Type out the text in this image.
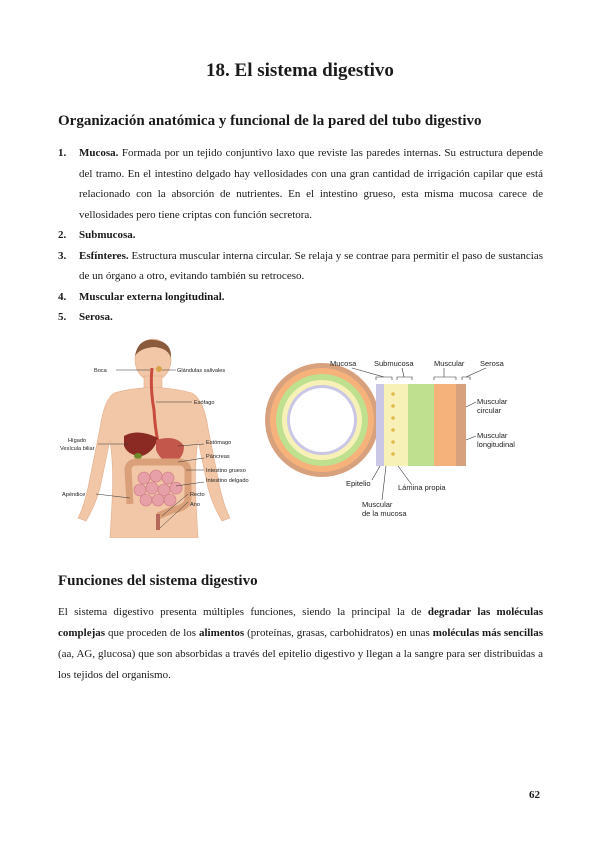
18. El sistema digestivo
Organización anatómica y funcional de la pared del tubo digestivo
1. Mucosa. Formada por un tejido conjuntivo laxo que reviste las paredes internas. Su estructura depende del tramo. En el intestino delgado hay vellosidades con una gran cantidad de irrigación capilar que está relacionado con la absorción de nutrientes. En el intestino grueso, esta misma mucosa carece de vellosidades pero tiene criptas con función secretora.
2. Submucosa.
3. Esfínteres. Estructura muscular interna circular. Se relaja y se contrae para permitir el paso de sustancias de un órgano a otro, evitando también su retroceso.
4. Muscular externa longitudinal.
5. Serosa.
Boca	Glándulas salivales
Esófago
Hígado
Vesícula biliar
Estómago
Páncreas
Intestino grueso
Intestino delgado
Apéndice	Recto
Ano
Mucosa Submucosa	Muscular Serosa
Muscular
circular
Muscular
longitudinal
Epitelio	Lámina propia
Muscular
de la mucosa
Funciones del sistema digestivo

El sistema digestivo presenta múltiples funciones, siendo la principal la de degradar las moléculas complejas que proceden de los alimentos (proteínas, grasas, carbohidratos) en unas moléculas más sencillas (aa, AG, glucosa) que son absorbidas a través del epitelio digestivo y llegan a la sangre para ser distribuidas a los tejidos del organismo.

62
